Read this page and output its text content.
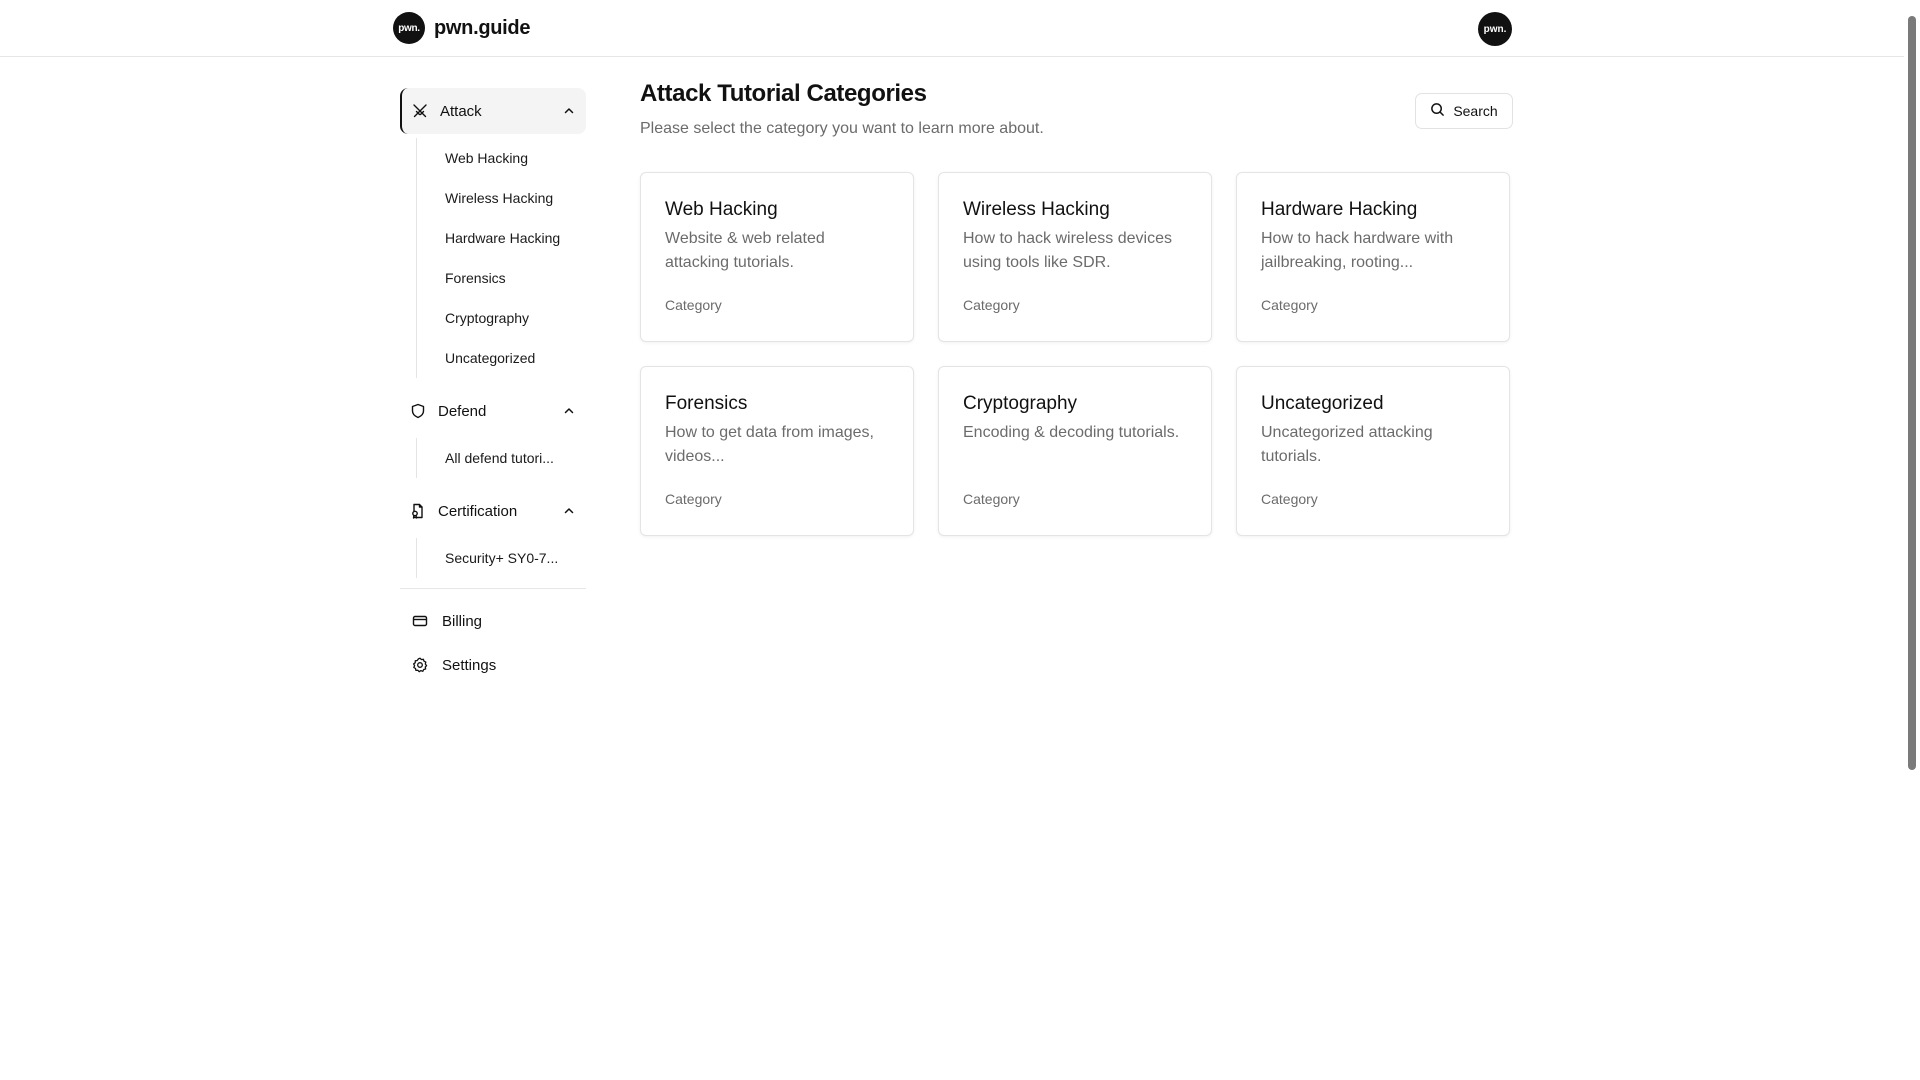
pwn. pwn.guide	pwn.
Attack
Web Hacking
Wireless Hacking
Hardware Hacking
Forensics
Cryptography
Uncategorized
Defend
All defend tutori...
Certification
Security+ SY0-7...
Billing
Settings
Attack Tutorial Categories

Please select the category you want to learn more about.

Search
Web Hacking
Website & web related attacking tutorials.
Category
Wireless Hacking
How to hack wireless devices using tools like SDR.
Category
Hardware Hacking
How to hack hardware with jailbreaking, rooting...
Category
Forensics
How to get data from images, videos...
Category
Cryptography
Encoding & decoding tutorials.
Category
Uncategorized
Uncategorized attacking tutorials.
Category
